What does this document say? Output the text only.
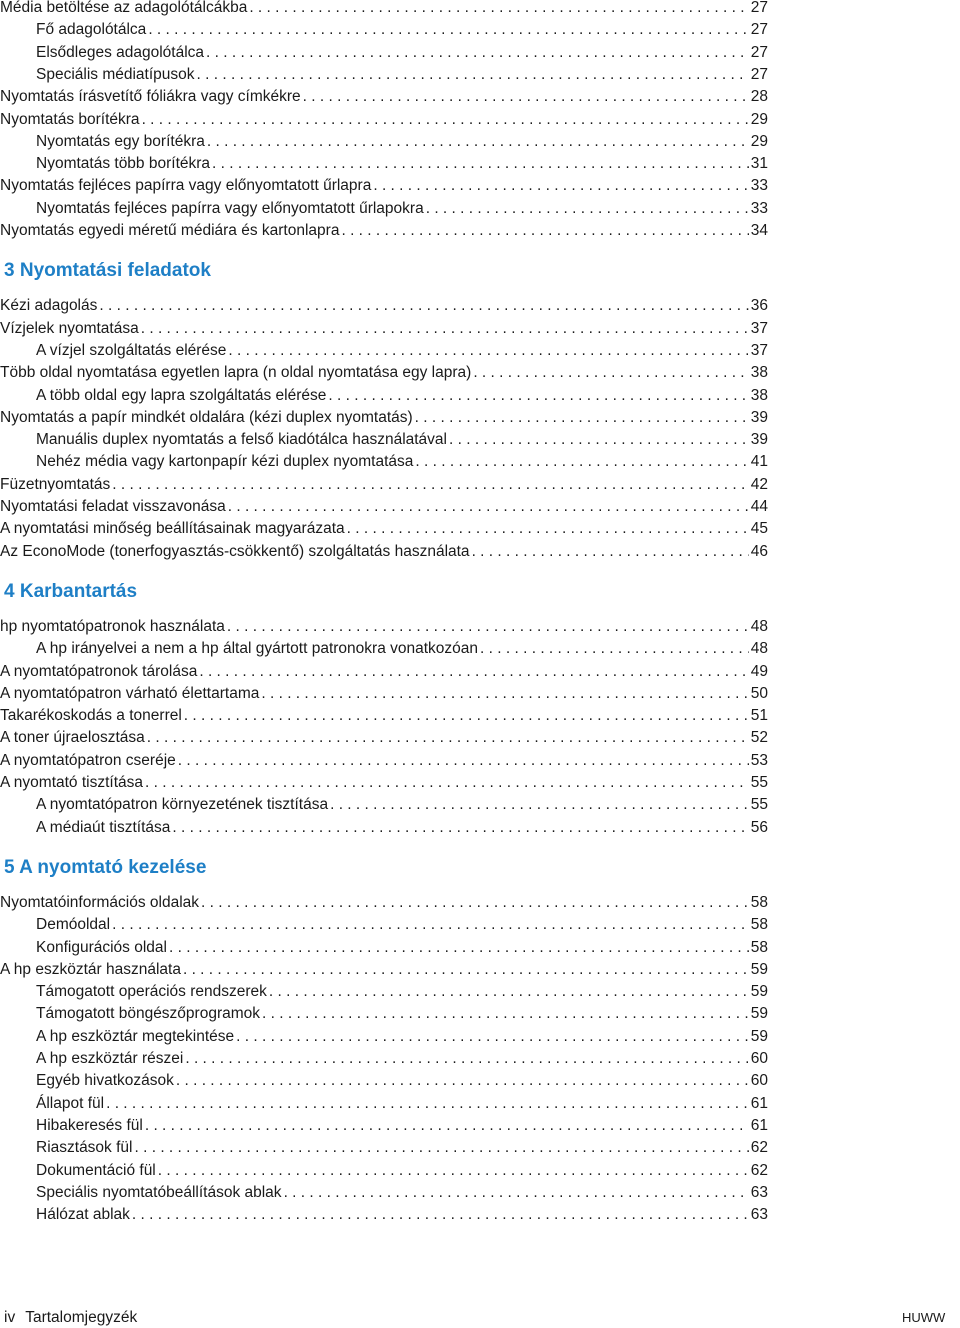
Média betöltése az adagolótálcákba . . .	27
Fő adagolótálca . . .	27
Elsődleges adagolótálca . . .	27
Speciális médiatípusok . . .	27
Nyomtatás írásvetítő fóliákra vagy címkékre . . .	28
Nyomtatás borítékra . . .	29
Nyomtatás egy borítékra . . .	29
Nyomtatás több borítékra . . .	31
Nyomtatás fejléces papírra vagy előnyomtatott űrlapra . . .	33
Nyomtatás fejléces papírra vagy előnyomtatott űrlapokra . . .	33
Nyomtatás egyedi méretű médiára és kartonlapra . . .	34
3 Nyomtatási feladatok
Kézi adagolás . . .	36
Vízjelek nyomtatása . . .	37
A vízjel szolgáltatás elérése . . .	37
Több oldal nyomtatása egyetlen lapra (n oldal nyomtatása egy lapra) . . .	38
A több oldal egy lapra szolgáltatás elérése . . .	38
Nyomtatás a papír mindkét oldalára (kézi duplex nyomtatás) . . .	39
Manuális duplex nyomtatás a felső kiadótálca használatával . . .	39
Nehéz média vagy kartonpapír kézi duplex nyomtatása . . .	41
Füzetnyomtatás . . .	42
Nyomtatási feladat visszavonása . . .	44
A nyomtatási minőség beállításainak magyarázata . . .	45
Az EconoMode (tonerfogyasztás-csökkentő) szolgáltatás használata . . .	46
4 Karbantartás
hp nyomtatópatronok használata . . .	48
A hp irányelvei a nem a hp által gyártott patronokra vonatkozóan . . .	48
A nyomtatópatronok tárolása . . .	49
A nyomtatópatron várható élettartama . . .	50
Takarékoskodás a tonerrel . . .	51
A toner újraelosztása . . .	52
A nyomtatópatron cseréje . . .	53
A nyomtató tisztítása . . .	55
A nyomtatópatron környezetének tisztítása . . .	55
A médiaút tisztítása . . .	56
5 A nyomtató kezelése
Nyomtatóinformációs oldalak . . .	58
Demóoldal . . .	58
Konfigurációs oldal . . .	58
A hp eszköztár használata . . .	59
Támogatott operációs rendszerek . . .	59
Támogatott böngészőprogramok . . .	59
A hp eszköztár megtekintése . . .	59
A hp eszköztár részei . . .	60
Egyéb hivatkozások . . .	60
Állapot fül . . .	61
Hibakeresés fül . . .	61
Riasztások fül . . .	62
Dokumentáció fül . . .	62
Speciális nyomtatóbeállítások ablak . . .	63
Hálózat ablak . . .	63
iv Tartalomjegyzék	HUWW
